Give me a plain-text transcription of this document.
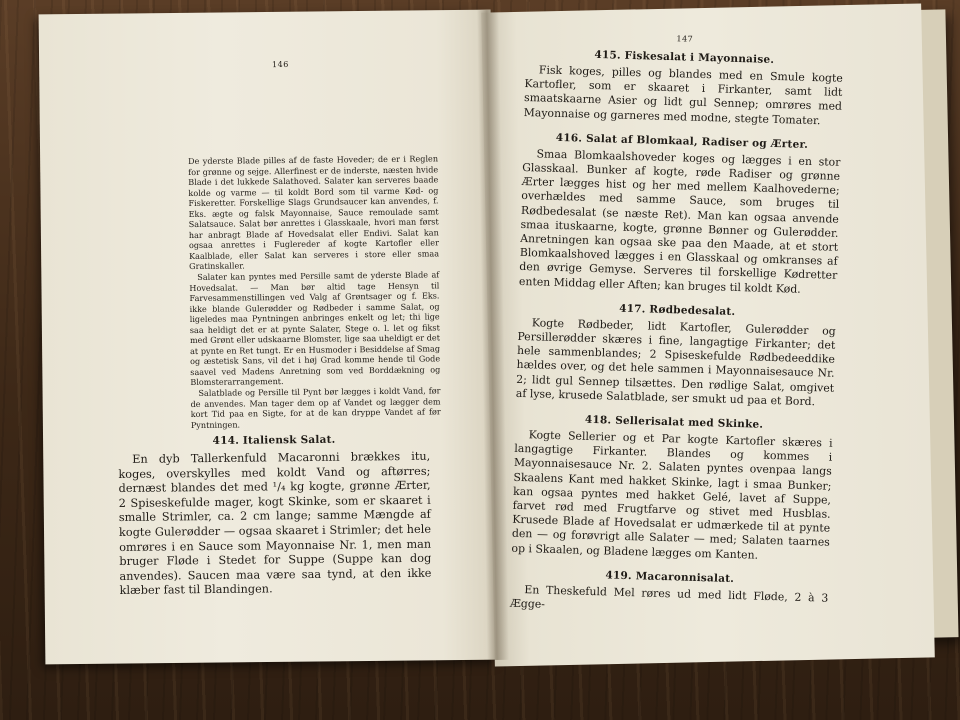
146

De yderste Blade pilles af de faste Hoveder; de er i Reglen for grønne og sejge. Allerfinest er de inderste, næsten hvide Blade i det lukkede Salathoved. Salater kan serveres baade kolde og varme — til koldt Bord som til varme Kød- og Fiskeretter. Forskellige Slags Grundsaucer kan anvendes, f. Eks. ægte og falsk Mayonnaise, Sauce remoulade samt Salatsauce. Salat bør anrettes i Glasskaale, hvori man først har anbragt Blade af Hovedsalat eller Endivi. Salat kan ogsaa anrettes i Fuglereder af kogte Kartofler eller Kaalblade, eller Salat kan serveres i store eller smaa Gratinskaller.

Salater kan pyntes med Persille samt de yderste Blade af Hovedsalat. — Man bør altid tage Hensyn til Farvesammenstillingen ved Valg af Grøntsager og f. Eks. ikke blande Gulerødder og Rødbeder i samme Salat, og ligeledes maa Pyntningen anbringes enkelt og let; thi lige saa heldigt det er at pynte Salater, Stege o. l. let og fikst med Grønt eller udskaarne Blomster, lige saa uheldigt er det at pynte en Ret tungt. Er en Husmoder i Besiddelse af Smag og æstetisk Sans, vil det i høj Grad komme hende til Gode saavel ved Madens Anretning som ved Borddækning og Blomsterarrangement.

Salatblade og Persille til Pynt bør lægges i koldt Vand, før de anvendes. Man tager dem op af Vandet og lægger dem kort Tid paa en Sigte, for at de kan dryppe Vandet af før Pyntningen.

414. Italiensk Salat.

En dyb Tallerkenfuld Macaronni brækkes itu, koges, overskylles med koldt Vand og aftørres; dernæst blandes det med ¹/₄ kg kogte, grønne Ærter, 2 Spiseskefulde mager, kogt Skinke, som er skaaret i smalle Strimler, ca. 2 cm lange; samme Mængde af kogte Gulerødder — ogsaa skaaret i Strimler; det hele omrøres i en Sauce som Mayonnaise Nr. 1, men man bruger Fløde i Stedet for Suppe (Suppe kan dog anvendes). Saucen maa være saa tynd, at den ikke klæber fast til Blandingen.

147
415. Fiskesalat i Mayonnaise.

Fisk koges, pilles og blandes med en Smule kogte Kartofler, som er skaaret i Firkanter, samt lidt smaatskaarne Asier og lidt gul Sennep; omrøres med Mayonnaise og garneres med modne, stegte Tomater.

416. Salat af Blomkaal, Radiser og Ærter.

Smaa Blomkaalshoveder koges og lægges i en stor Glasskaal. Bunker af kogte, røde Radiser og grønne Ærter lægges hist og her med mellem Kaalhovederne; overhældes med samme Sauce, som bruges til Rødbedesalat (se næste Ret). Man kan ogsaa anvende smaa ituskaarne, kogte, grønne Bønner og Gulerødder. Anretningen kan ogsaa ske paa den Maade, at et stort Blomkaalshoved lægges i en Glasskaal og omkranses af den øvrige Gemyse. Serveres til forskellige Kødretter enten Middag eller Aften; kan bruges til koldt Kød.

417. Rødbedesalat.

Kogte Rødbeder, lidt Kartofler, Gulerødder og Persillerødder skæres i fine, langagtige Firkanter; det hele sammenblandes; 2 Spiseskefulde Rødbedeeddike hældes over, og det hele sammen i Mayonnaisesauce Nr. 2; lidt gul Sennep tilsættes. Den rødlige Salat, omgivet af lyse, krusede Salatblade, ser smukt ud paa et Bord.

418. Sellerisalat med Skinke.

Kogte Sellerier og et Par kogte Kartofler skæres i langagtige Firkanter. Blandes og kommes i Mayonnaisesauce Nr. 2. Salaten pyntes ovenpaa langs Skaalens Kant med hakket Skinke, lagt i smaa Bunker; kan ogsaa pyntes med hakket Gelé, lavet af Suppe, farvet rød med Frugtfarve og stivet med Husblas. Krusede Blade af Hovedsalat er udmærkede til at pynte den — og forøvrigt alle Salater — med; Salaten taarnes op i Skaalen, og Bladene lægges om Kanten.

419. Macaronnisalat.

En Theskefuld Mel røres ud med lidt Fløde, 2 à 3 Ægge-
